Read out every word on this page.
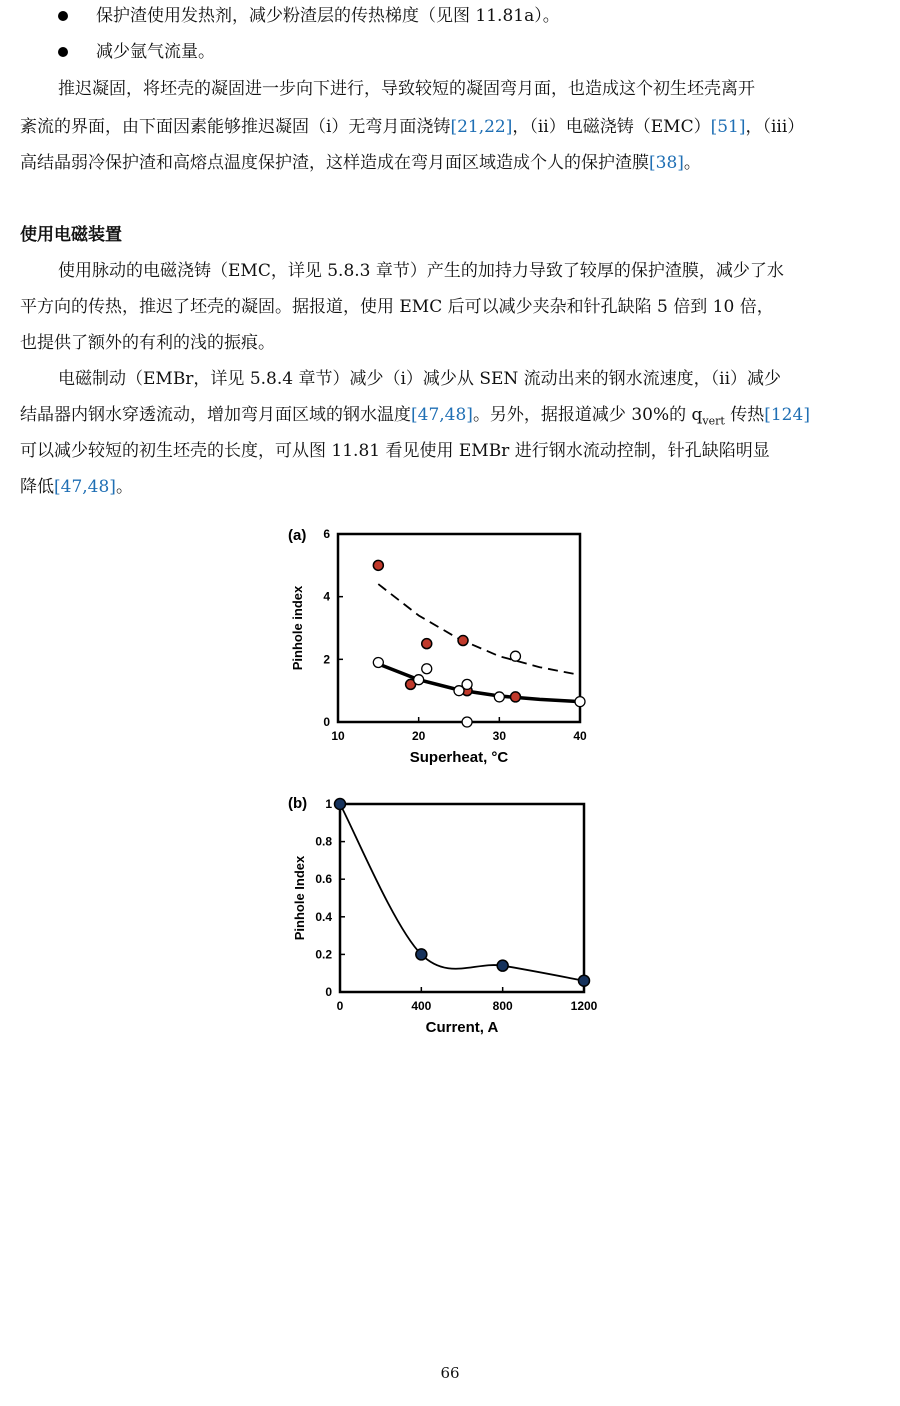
保护渣使用发热剂，减少粉渣层的传热梯度（见图 11.81a）。
减少氩气流量。
推迟凝固，将坯壳的凝固进一步向下进行，导致较短的凝固弯月面，也造成这个初生坯壳离开
紊流的界面，由下面因素能够推迟凝固（i）无弯月面浇铸[21,22]，（ii）电磁浇铸（EMC）[51]，（iii）
高结晶弱冷保护渣和高熔点温度保护渣，这样造成在弯月面区域造成个人的保护渣膜[38]。
使用电磁装置
使用脉动的电磁浇铸（EMC，详见 5.8.3 章节）产生的加持力导致了较厚的保护渣膜，减少了水
平方向的传热，推迟了坯壳的凝固。据报道，使用 EMC 后可以减少夹杂和针孔缺陷 5 倍到 10 倍，
也提供了额外的有利的浅的振痕。
电磁制动（EMBr，详见 5.8.4 章节）减少（i）减少从 SEN 流动出来的钢水流速度，（ii）减少
结晶器内钢水穿透流动，增加弯月面区域的钢水温度[47,48]。另外，据报道减少 30%的 $q_{vert}$ 传热[124]
可以减少较短的初生坯壳的长度，可从图 11.81 看见使用 EMBr 进行钢水流动控制，针孔缺陷明显
降低[47,48]。
(a)
10	20	30	40
0
2
4
6
Superheat, °C
Pinhole index
(b)
0	400	800	1200
0
0.2
0.4
0.6
0.8
1
Current, A
Pinhole Index
66
